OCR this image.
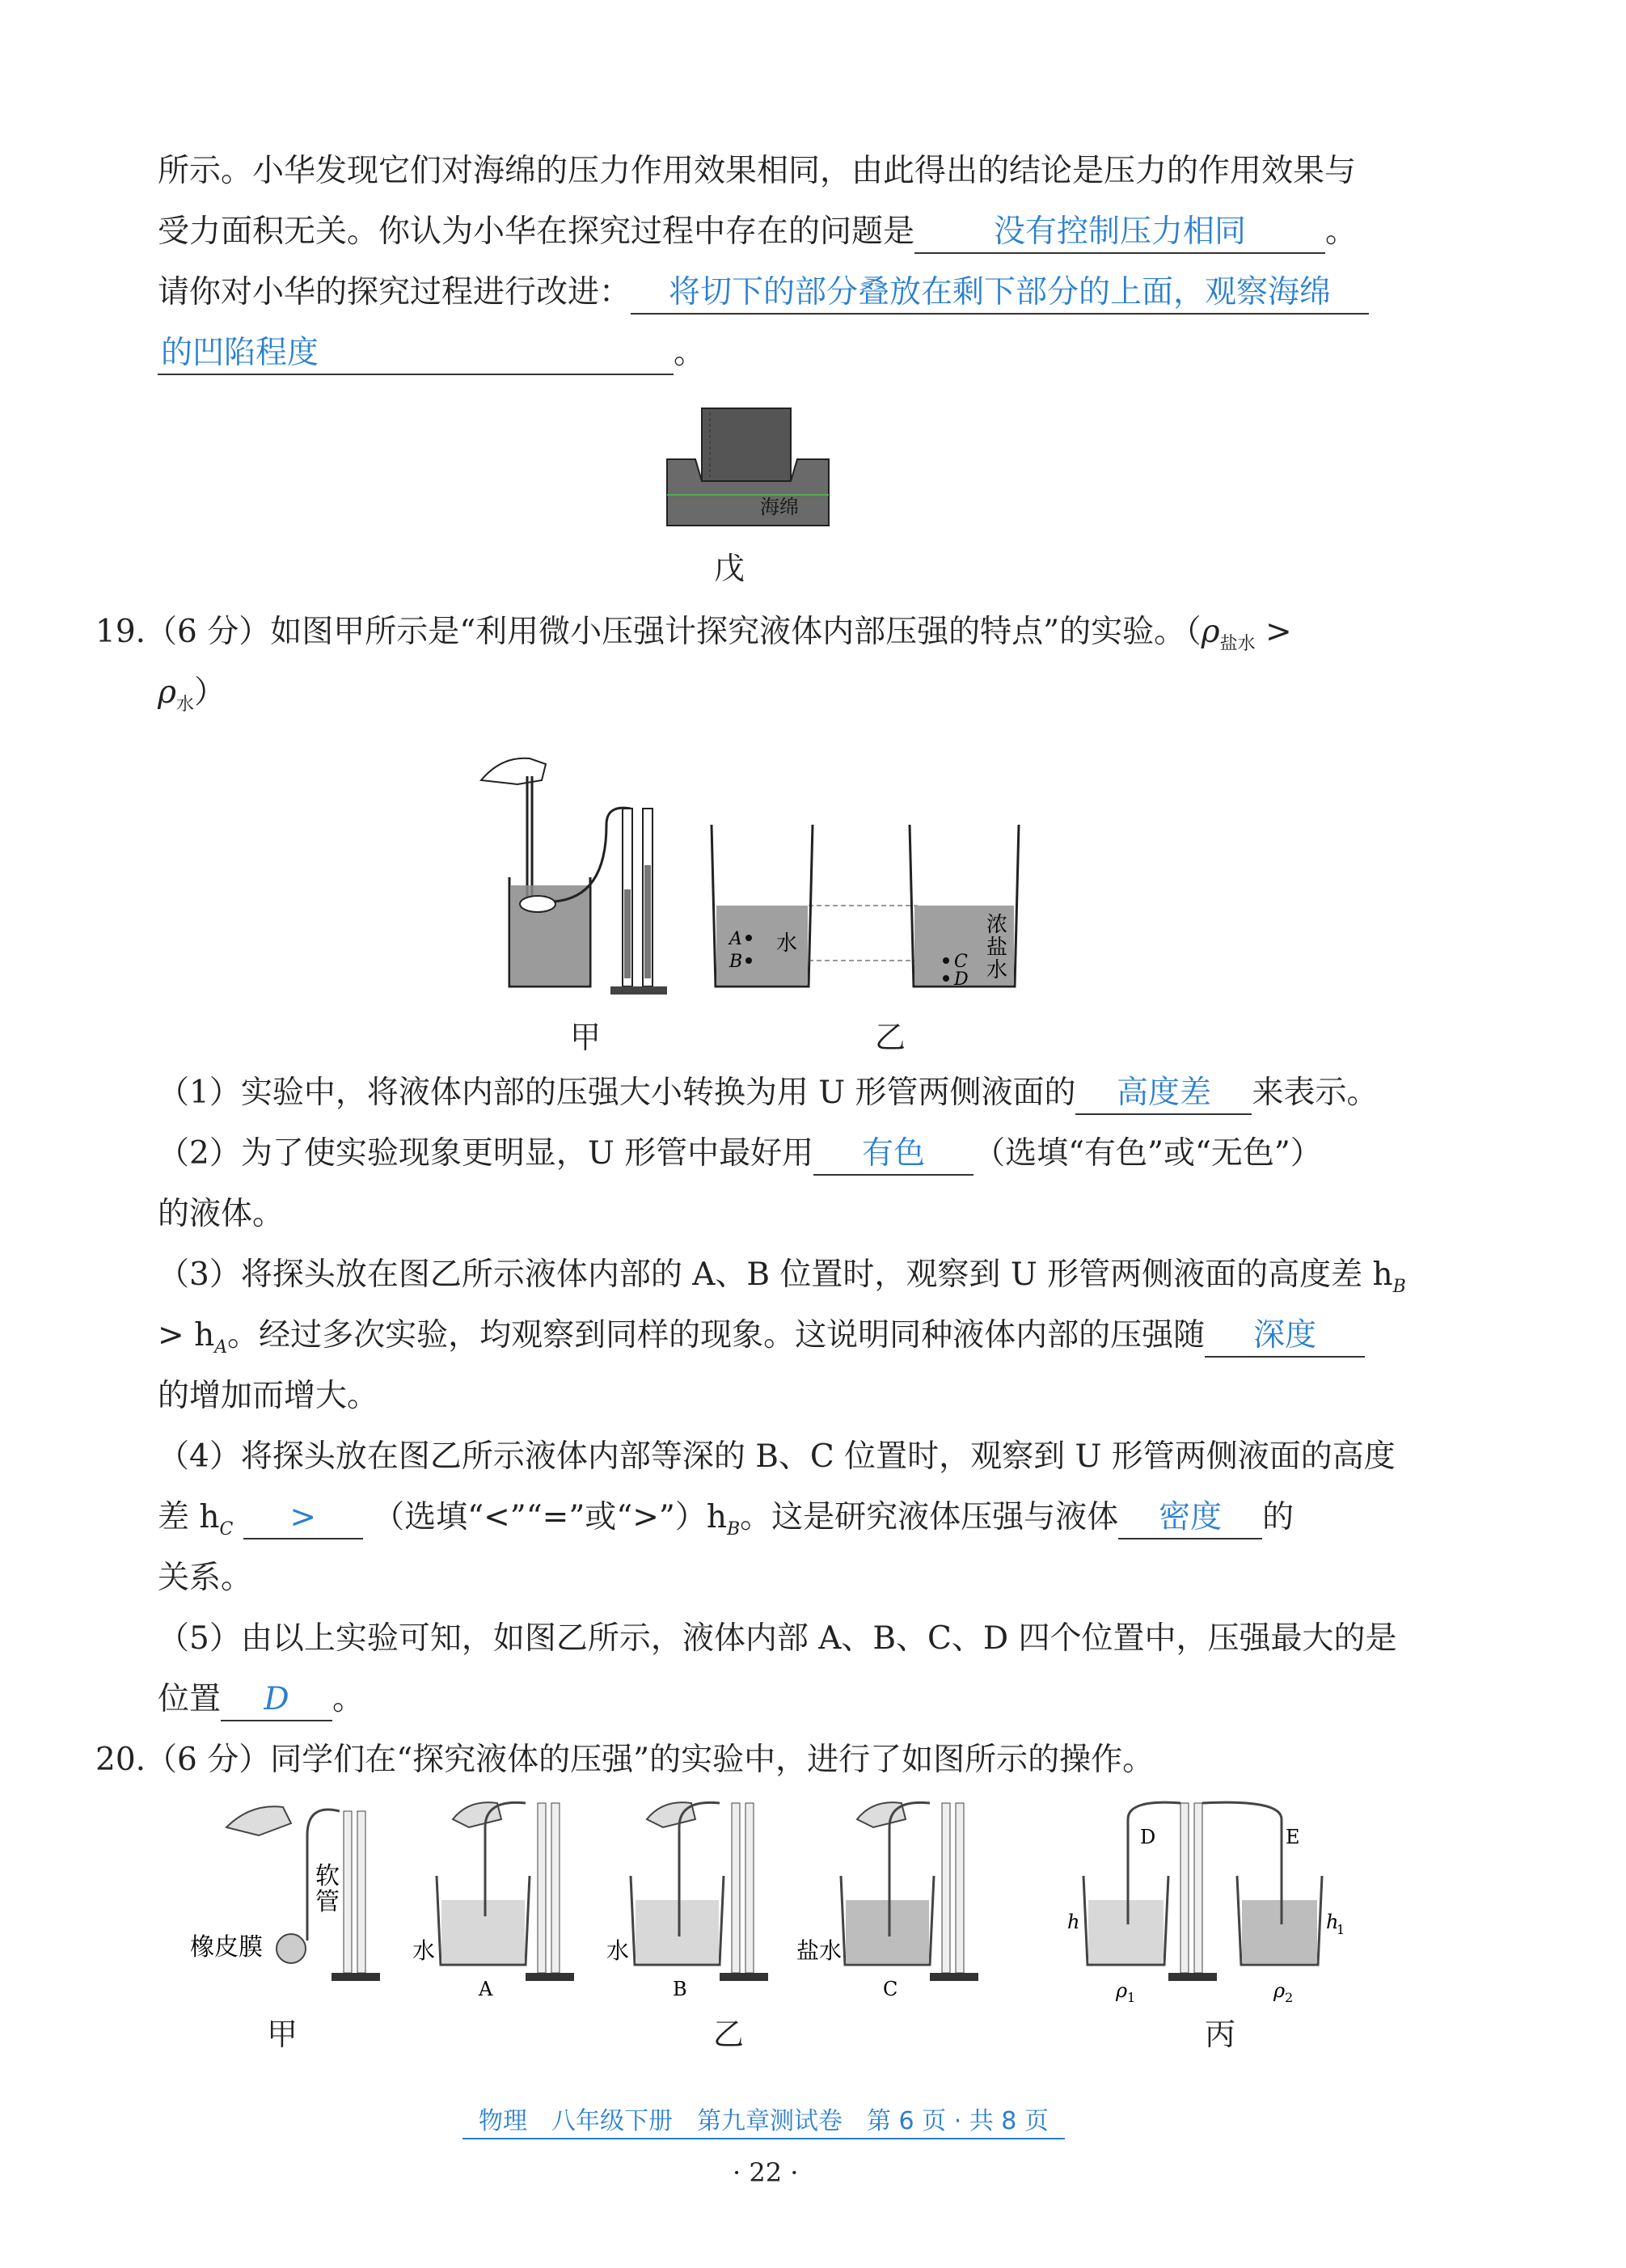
所示。小华发现它们对海绵的压力作用效果相同，由此得出的结论是压力的作用效果与
受力面积无关。你认为小华在探究过程中存在的问题是	没有控制压力相同	。
请你对小华的探究过程进行改进： 将切下的部分叠放在剩下部分的上面，观察海绵
的凹陷程度	。
海绵
戊
19.（6 分）如图甲所示是“利用微小压强计探究液体内部压强的特点”的实验。（$\rho_{盐水}$ >
$\rho_水$）
A
B
水
C
D
浓
盐
水
甲	乙
（1）实验中，将液体内部的压强大小转换为用 U 形管两侧液面的 高度差 来表示。
（2）为了使实验现象更明显，U 形管中最好用 有色 （选填“有色”或“无色”）
的液体。
（3）将探头放在图乙所示液体内部的 A、B 位置时，观察到 U 形管两侧液面的高度差 $h_B$
> $h_A$。经过多次实验，均观察到同样的现象。这说明同种液体内部的压强随 深度
的增加而增大。
（4）将探头放在图乙所示液体内部等深的 B、C 位置时，观察到 U 形管两侧液面的高度
差 $h_C$ > （选填“<”“=”或“$>”)h_B$。这是研究液体压强与液体 密度 的
关系。
（5）由以上实验可知，如图乙所示，液体内部 A、B、C、D 四个位置中，压强最大的是
位置 D 。
20.（6 分）同学们在“探究液体的压强”的实验中，进行了如图所示的操作。
橡皮膜
软
管
水
A
水
B
盐水
C
D	E
h	h
1
ρ 1	ρ 2
甲	乙	丙
物理　八年级下册　第九章测试卷　第 6 页 · 共 8 页
· 22 ·
